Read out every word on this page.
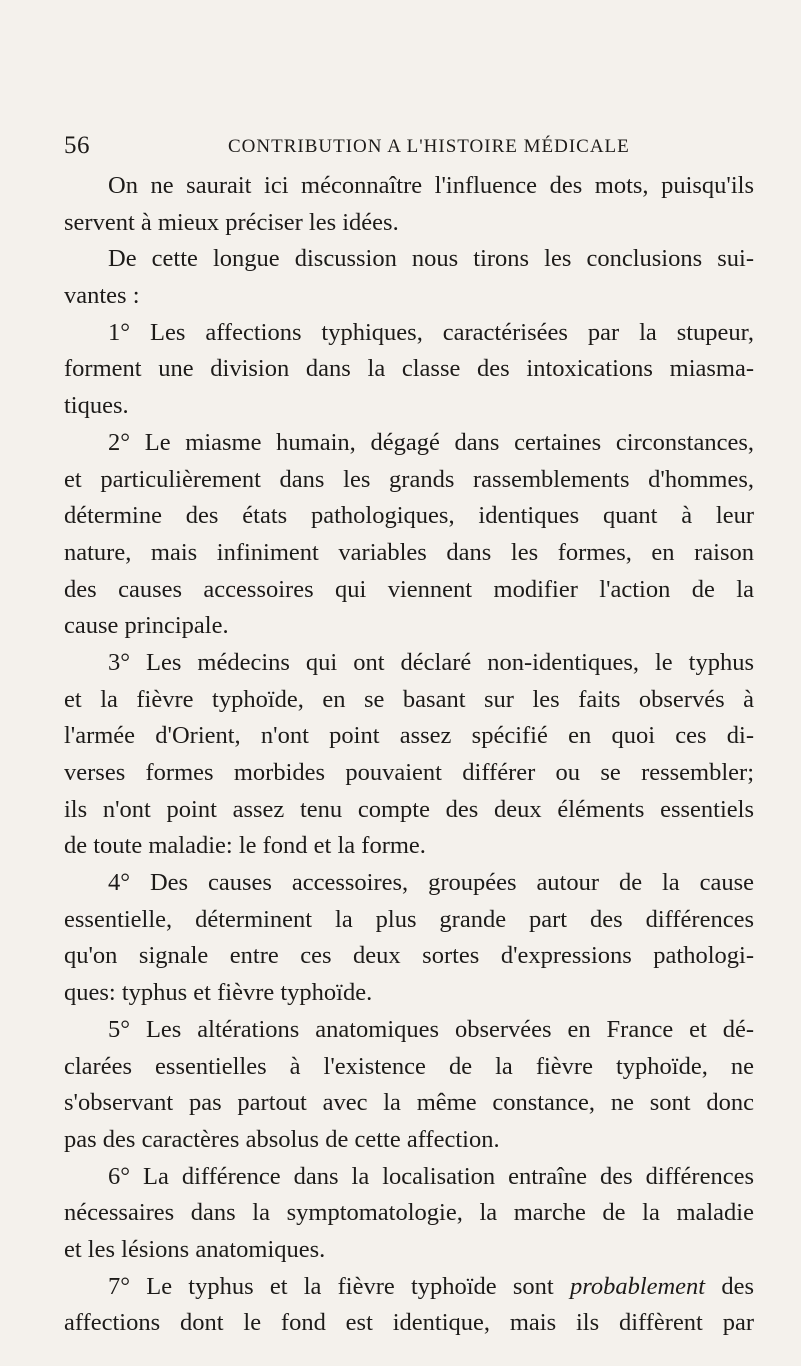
56	CONTRIBUTION A L'HISTOIRE MÉDICALE
On ne saurait ici méconnaître l'influence des mots, puisqu'ils
servent à mieux préciser les idées.
De cette longue discussion nous tirons les conclusions sui-
vantes :
1° Les affections typhiques, caractérisées par la stupeur,
forment une division dans la classe des intoxications miasma-
tiques.
2° Le miasme humain, dégagé dans certaines circonstances,
et particulièrement dans les grands rassemblements d'hommes,
détermine des états pathologiques, identiques quant à leur
nature, mais infiniment variables dans les formes, en raison
des causes accessoires qui viennent modifier l'action de la
cause principale.
3° Les médecins qui ont déclaré non-identiques, le typhus
et la fièvre typhoïde, en se basant sur les faits observés à
l'armée d'Orient, n'ont point assez spécifié en quoi ces di-
verses formes morbides pouvaient différer ou se ressembler;
ils n'ont point assez tenu compte des deux éléments essentiels
de toute maladie: le fond et la forme.
4° Des causes accessoires, groupées autour de la cause
essentielle, déterminent la plus grande part des différences
qu'on signale entre ces deux sortes d'expressions pathologi-
ques: typhus et fièvre typhoïde.
5° Les altérations anatomiques observées en France et dé-
clarées essentielles à l'existence de la fièvre typhoïde, ne
s'observant pas partout avec la même constance, ne sont donc
pas des caractères absolus de cette affection.
6° La différence dans la localisation entraîne des différences
nécessaires dans la symptomatologie, la marche de la maladie
et les lésions anatomiques.
7° Le typhus et la fièvre typhoïde sont probablement des
affections dont le fond est identique, mais ils diffèrent par
